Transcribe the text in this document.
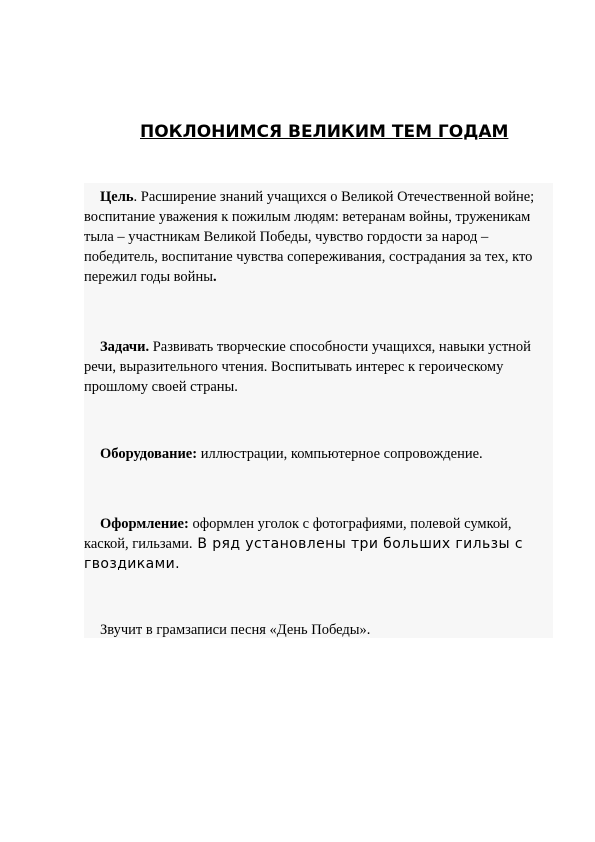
ПОКЛОНИМСЯ ВЕЛИКИМ ТЕМ ГОДАМ

Цель. Расширение знаний учащихся о Великой Отечественной войне; воспитание уважения к пожилым людям: ветеранам войны, труженикам тыла – участникам Великой Победы, чувство гордости за народ – победитель, воспитание чувства сопереживания, сострадания за тех, кто пережил годы войны.

Задачи. Развивать творческие способности учащихся, навыки устной речи, выразительного чтения. Воспитывать интерес к героическому прошлому своей страны.

Оборудование: иллюстрации, компьютерное сопровождение.

Оформление: оформлен уголок с фотографиями, полевой сумкой, каской, гильзами. В ряд установлены три больших гильзы с гвоздиками.

Звучит в грамзаписи песня «День Победы».
